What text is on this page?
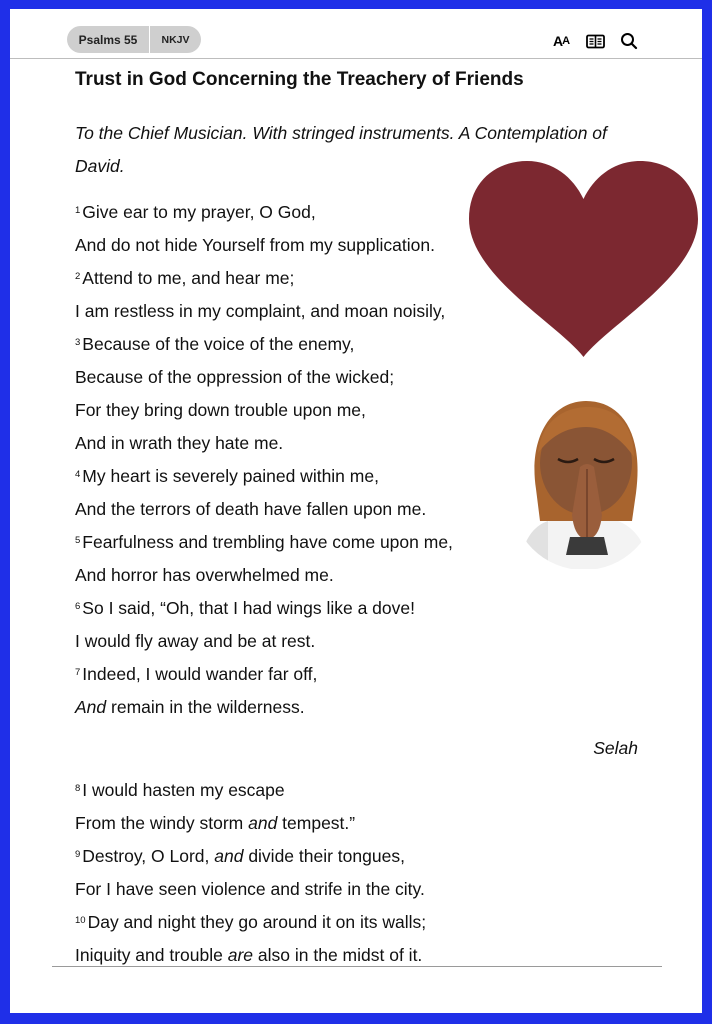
Psalms 55	NKJV	A A
Trust in God Concerning the Treachery of Friends
To the Chief Musician. With stringed instruments. A Contemplation of David.
$^1$ Give ear to my prayer, O God,
And do not hide Yourself from my supplication.
$^2$ Attend to me, and hear me;
I am restless in my complaint, and moan noisily,
$^3$ Because of the voice of the enemy,
Because of the oppression of the wicked;
For they bring down trouble upon me,
And in wrath they hate me.
$^4$ My heart is severely pained within me,
And the terrors of death have fallen upon me.
$^5$ Fearfulness and trembling have come upon me,
And horror has overwhelmed me.
$^6$ So I said, “Oh, that I had wings like a dove!
I would fly away and be at rest.
$^7$ Indeed, I would wander far off,
And remain in the wilderness.
Selah
$^8$ I would hasten my escape
From the windy storm and tempest.”
$^9$ Destroy, O Lord, and divide their tongues,
For I have seen violence and strife in the city.
$^{10}$ Day and night they go around it on its walls;
Iniquity and trouble are also in the midst of it.
